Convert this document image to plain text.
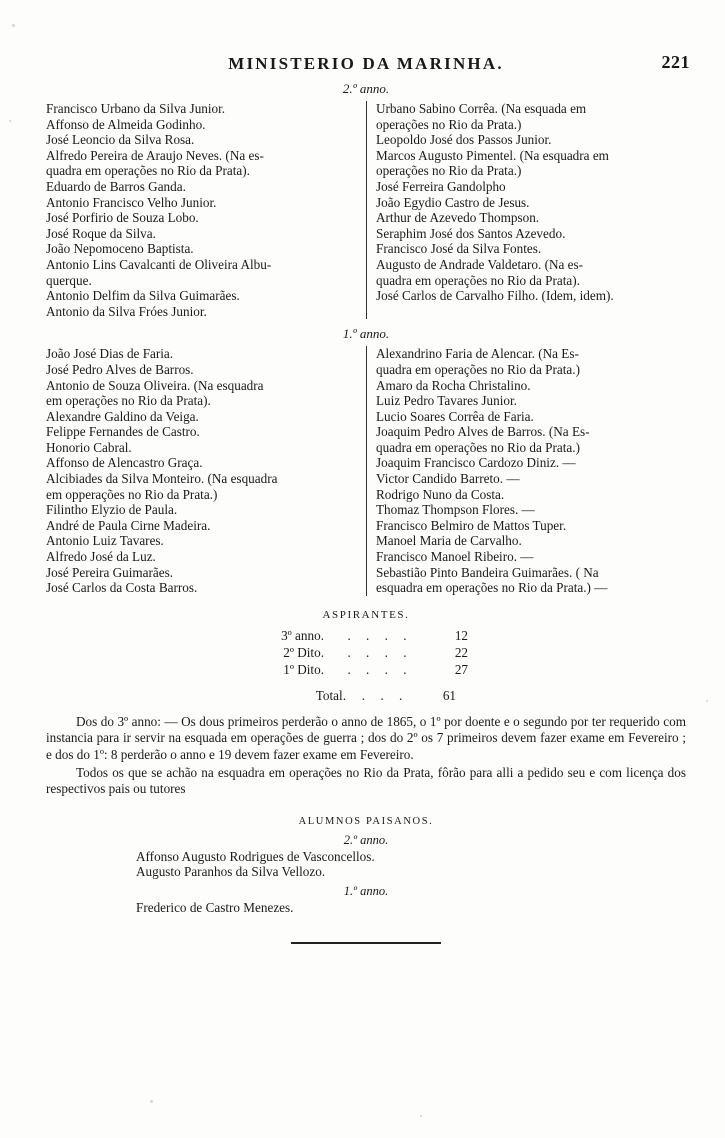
MINISTERIO DA MARINHA.	221
2.º anno.
Francisco Urbano da Silva Junior.
Affonso de Almeida Godinho.
José Leoncio da Silva Rosa.
Alfredo Pereira de Araujo Neves. (Na es-
quadra em operações no Rio da Prata).
Eduardo de Barros Ganda.
Antonio Francisco Velho Junior.
José Porfirio de Souza Lobo.
José Roque da Silva.
João Nepomoceno Baptista.
Antonio Lins Cavalcanti de Oliveira Albu-
querque.
Antonio Delfim da Silva Guimarães.
Antonio da Silva Fróes Junior.
Urbano Sabino Corrêa. (Na esquada em
operações no Rio da Prata.)
Leopoldo José dos Passos Junior.
Marcos Augusto Pimentel. (Na esquadra em
operações no Rio da Prata.)
José Ferreira Gandolpho
João Egydio Castro de Jesus.
Arthur de Azevedo Thompson.
Seraphim José dos Santos Azevedo.
Francisco José da Silva Fontes.
Augusto de Andrade Valdetaro. (Na es-
quadra em operações no Rio da Prata).
José Carlos de Carvalho Filho. (Idem, idem).
1.º anno.
João José Dias de Faria.
José Pedro Alves de Barros.
Antonio de Souza Oliveira. (Na esquadra
em operações no Rio da Prata).
Alexandre Galdino da Veiga.
Felippe Fernandes de Castro.
Honorio Cabral.
Affonso de Alencastro Graça.
Alcibiades da Silva Monteiro. (Na esquadra
em opperações no Rio da Prata.)
Filintho Elyzio de Paula.
André de Paula Cirne Madeira.
Antonio Luiz Tavares.
Alfredo José da Luz.
José Pereira Guimarães.
José Carlos da Costa Barros.
Alexandrino Faria de Alencar. (Na Es-
quadra em operações no Rio da Prata.)
Amaro da Rocha Christalino.
Luiz Pedro Tavares Junior.
Lucio Soares Corrêa de Faria.
Joaquim Pedro Alves de Barros. (Na Es-
quadra em operações no Rio da Prata.)
Joaquim Francisco Cardozo Diniz. —
Victor Candido Barreto. —
Rodrigo Nuno da Costa.
Thomaz Thompson Flores. —
Francisco Belmiro de Mattos Tuper.
Manoel Maria de Carvalho.
Francisco Manoel Ribeiro. —
Sebastião Pinto Bandeira Guimarães. ( Na
esquadra em operações no Rio da Prata.) —
ASPIRANTES.
3º anno.	. . . .	12
2º Dito.	. . . .	22
1º Dito.	. . . .	27
Total.	. . .	61

Dos do 3º anno: — Os dous primeiros perderão o anno de 1865, o 1º por doente e o segundo por ter requerido com instancia para ir servir na esquada em operações de guerra ; dos do 2º os 7 primeiros devem fazer exame em Fevereiro ; e dos do 1º: 8 perderão o anno e 19 devem fazer exame em Fevereiro.

Todos os que se achão na esquadra em operações no Rio da Prata, fôrão para alli a pedido seu e com licença dos respectivos pais ou tutores

ALUMNOS PAISANOS.
2.º anno.
Affonso Augusto Rodrigues de Vasconcellos.
Augusto Paranhos da Silva Vellozo.
1.º anno.
Frederico de Castro Menezes.
